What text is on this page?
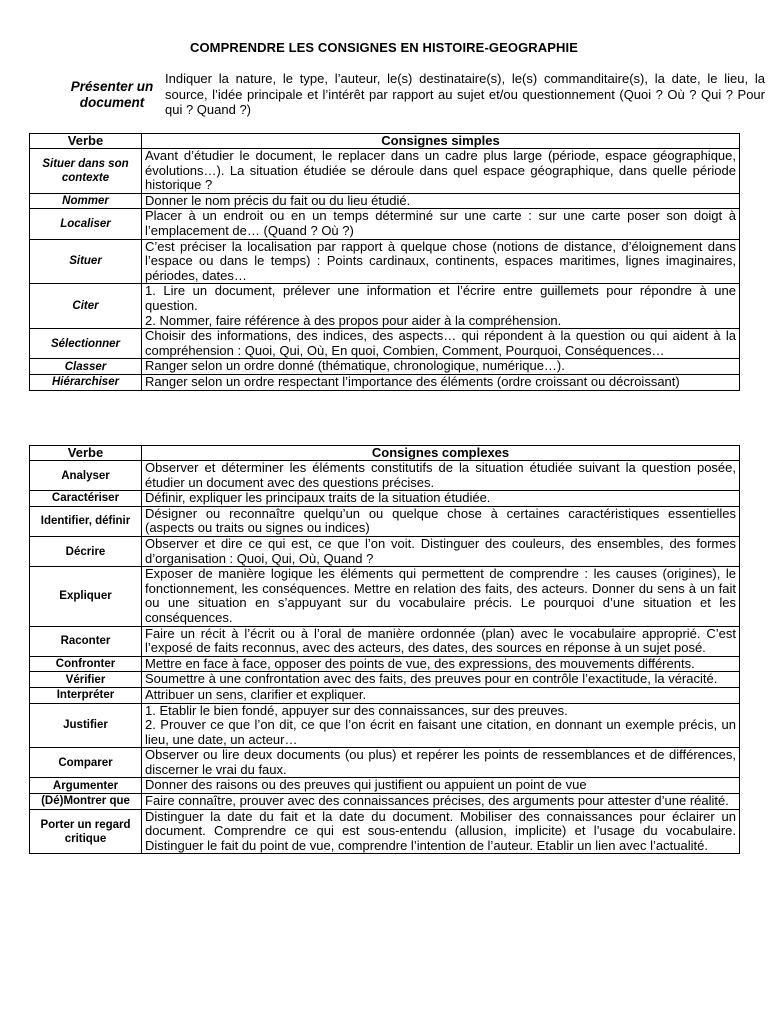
COMPRENDRE LES CONSIGNES EN HISTOIRE-GEOGRAPHIE
Présenter un document
Indiquer la nature, le type, l’auteur, le(s) destinataire(s), le(s) commanditaire(s), la date, le lieu, la source, l’idée principale et l’intérêt par rapport au sujet et/ou questionnement (Quoi ? Où ? Qui ? Pour qui ? Quand ?)
Verbe	Consignes simples
Situer dans son contexte	Avant d’étudier le document, le replacer dans un cadre plus large (période, espace géographique, évolutions…). La situation étudiée se déroule dans quel espace géographique, dans quelle période historique ?

Nommer	Donner le nom précis du fait ou du lieu étudié.

Localiser	Placer à un endroit ou en un temps déterminé sur une carte : sur une carte poser son doigt à l’emplacement de… (Quand ? Où ?)

Situer	C’est préciser la localisation par rapport à quelque chose (notions de distance, d’éloignement dans l’espace ou dans le temps) : Points cardinaux, continents, espaces maritimes, lignes imaginaires, périodes, dates…

Citer	1. Lire un document, prélever une information et l’écrire entre guillemets pour répondre à une question.
2. Nommer, faire référence à des propos pour aider à la compréhension.

Sélectionner	Choisir des informations, des indices, des aspects… qui répondent à la question ou qui aident à la compréhension : Quoi, Qui, Où, En quoi, Combien, Comment, Pourquoi, Conséquences…

Classer	Ranger selon un ordre donné (thématique, chronologique, numérique…).

Hiérarchiser	Ranger selon un ordre respectant l’importance des éléments (ordre croissant ou décroissant)
Verbe	Consignes complexes
Analyser	Observer et déterminer les éléments constitutifs de la situation étudiée suivant la question posée, étudier un document avec des questions précises.

Caractériser	Définir, expliquer les principaux traits de la situation étudiée.

Identifier, définir	Désigner ou reconnaître quelqu’un ou quelque chose à certaines caractéristiques essentielles (aspects ou traits ou signes ou indices)

Décrire	Observer et dire ce qui est, ce que l’on voit. Distinguer des couleurs, des ensembles, des formes d’organisation : Quoi, Qui, Où, Quand ?

Expliquer	Exposer de manière logique les éléments qui permettent de comprendre : les causes (origines), le fonctionnement, les conséquences. Mettre en relation des faits, des acteurs. Donner du sens à un fait ou une situation en s’appuyant sur du vocabulaire précis. Le pourquoi d’une situation et les conséquences.

Raconter	Faire un récit à l’écrit ou à l’oral de manière ordonnée (plan) avec le vocabulaire approprié. C’est l’exposé de faits reconnus, avec des acteurs, des dates, des sources en réponse à un sujet posé.

Confronter	Mettre en face à face, opposer des points de vue, des expressions, des mouvements différents.

Vérifier	Soumettre à une confrontation avec des faits, des preuves pour en contrôle l’exactitude, la véracité.

Interpréter	Attribuer un sens, clarifier et expliquer.

Justifier	1. Etablir le bien fondé, appuyer sur des connaissances, sur des preuves.
2. Prouver ce que l’on dit, ce que l’on écrit en faisant une citation, en donnant un exemple précis, un lieu, une date, un acteur…

Comparer	Observer ou lire deux documents (ou plus) et repérer les points de ressemblances et de différences, discerner le vrai du faux.

Argumenter	Donner des raisons ou des preuves qui justifient ou appuient un point de vue

(Dé)Montrer que	Faire connaître, prouver avec des connaissances précises, des arguments pour attester d’une réalité.

Porter un regard critique	Distinguer la date du fait et la date du document. Mobiliser des connaissances pour éclairer un document. Comprendre ce qui est sous-entendu (allusion, implicite) et l’usage du vocabulaire. Distinguer le fait du point de vue, comprendre l’intention de l’auteur. Etablir un lien avec l’actualité.
